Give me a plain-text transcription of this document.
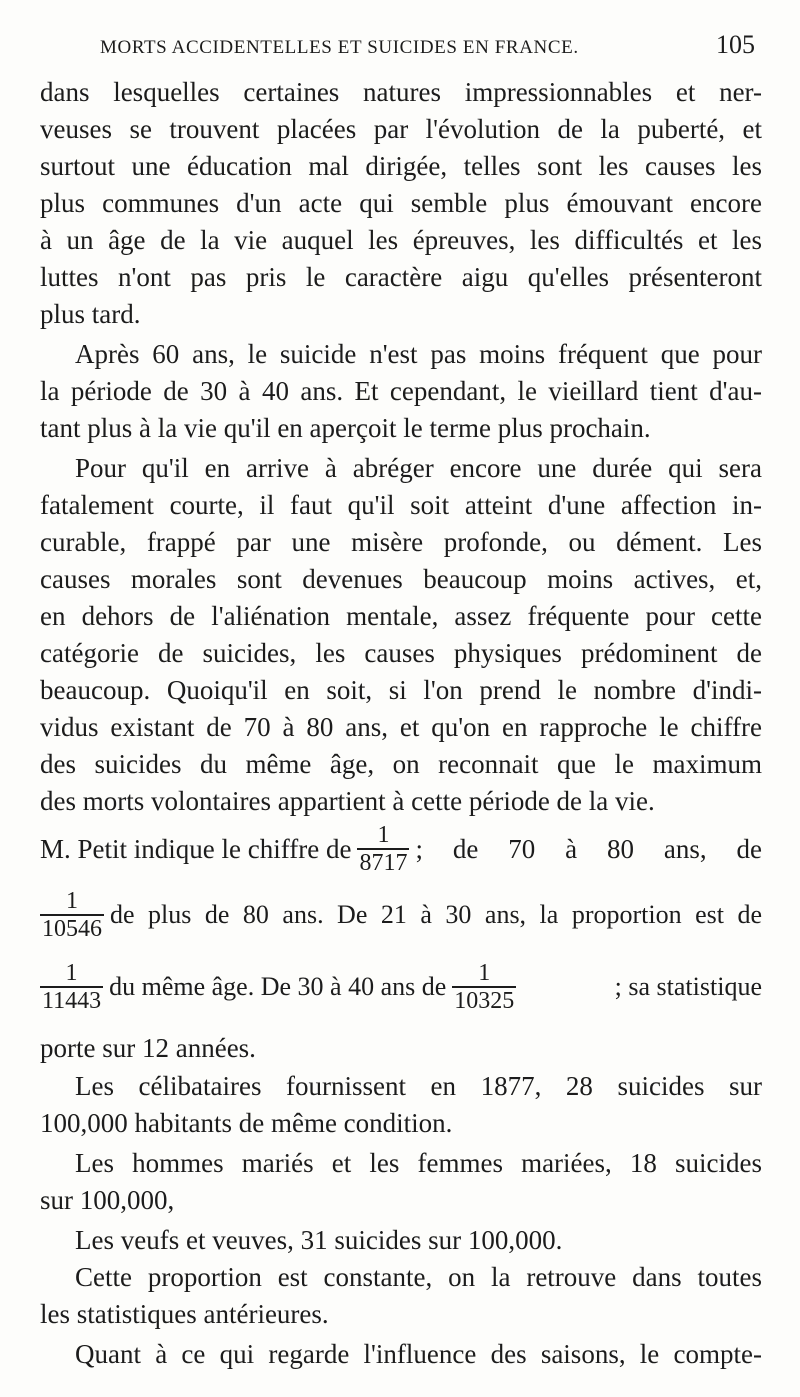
MORTS ACCIDENTELLES ET SUICIDES EN FRANCE.	105
dans lesquelles certaines natures impressionnables et ner-
veuses se trouvent placées par l'évolution de la puberté, et
surtout une éducation mal dirigée, telles sont les causes les
plus communes d'un acte qui semble plus émouvant encore
à un âge de la vie auquel les épreuves, les difficultés et les
luttes n'ont pas pris le caractère aigu qu'elles présenteront
plus tard.
Après 60 ans, le suicide n'est pas moins fréquent que pour
la période de 30 à 40 ans. Et cependant, le vieillard tient d'au-
tant plus à la vie qu'il en aperçoit le terme plus prochain.
Pour qu'il en arrive à abréger encore une durée qui sera
fatalement courte, il faut qu'il soit atteint d'une affection in-
curable, frappé par une misère profonde, ou dément. Les
causes morales sont devenues beaucoup moins actives, et,
en dehors de l'aliénation mentale, assez fréquente pour cette
catégorie de suicides, les causes physiques prédominent de
beaucoup. Quoiqu'il en soit, si l'on prend le nombre d'indi-
vidus existant de 70 à 80 ans, et qu'on en rapproche le chiffre
des suicides du même âge, on reconnait que le maximum
des morts volontaires appartient à cette période de la vie.
M. Petit indique le chiffre de $\frac{1}{8717}$ ; de 70 à 80 ans, de
$\frac{1}{10546}$ de plus de 80 ans. De 21 à 30 ans, la proportion est de
$\frac{1}{11443}$ du même âge. De 30 à 40 ans de $\frac{1}{10325}$	; sa statistique
porte sur 12 années.
Les célibataires fournissent en 1877, 28 suicides sur
100,000 habitants de même condition.
Les hommes mariés et les femmes mariées, 18 suicides
sur 100,000,
Les veufs et veuves, 31 suicides sur 100,000.
Cette proportion est constante, on la retrouve dans toutes
les statistiques antérieures.
Quant à ce qui regarde l'influence des saisons, le compte-
